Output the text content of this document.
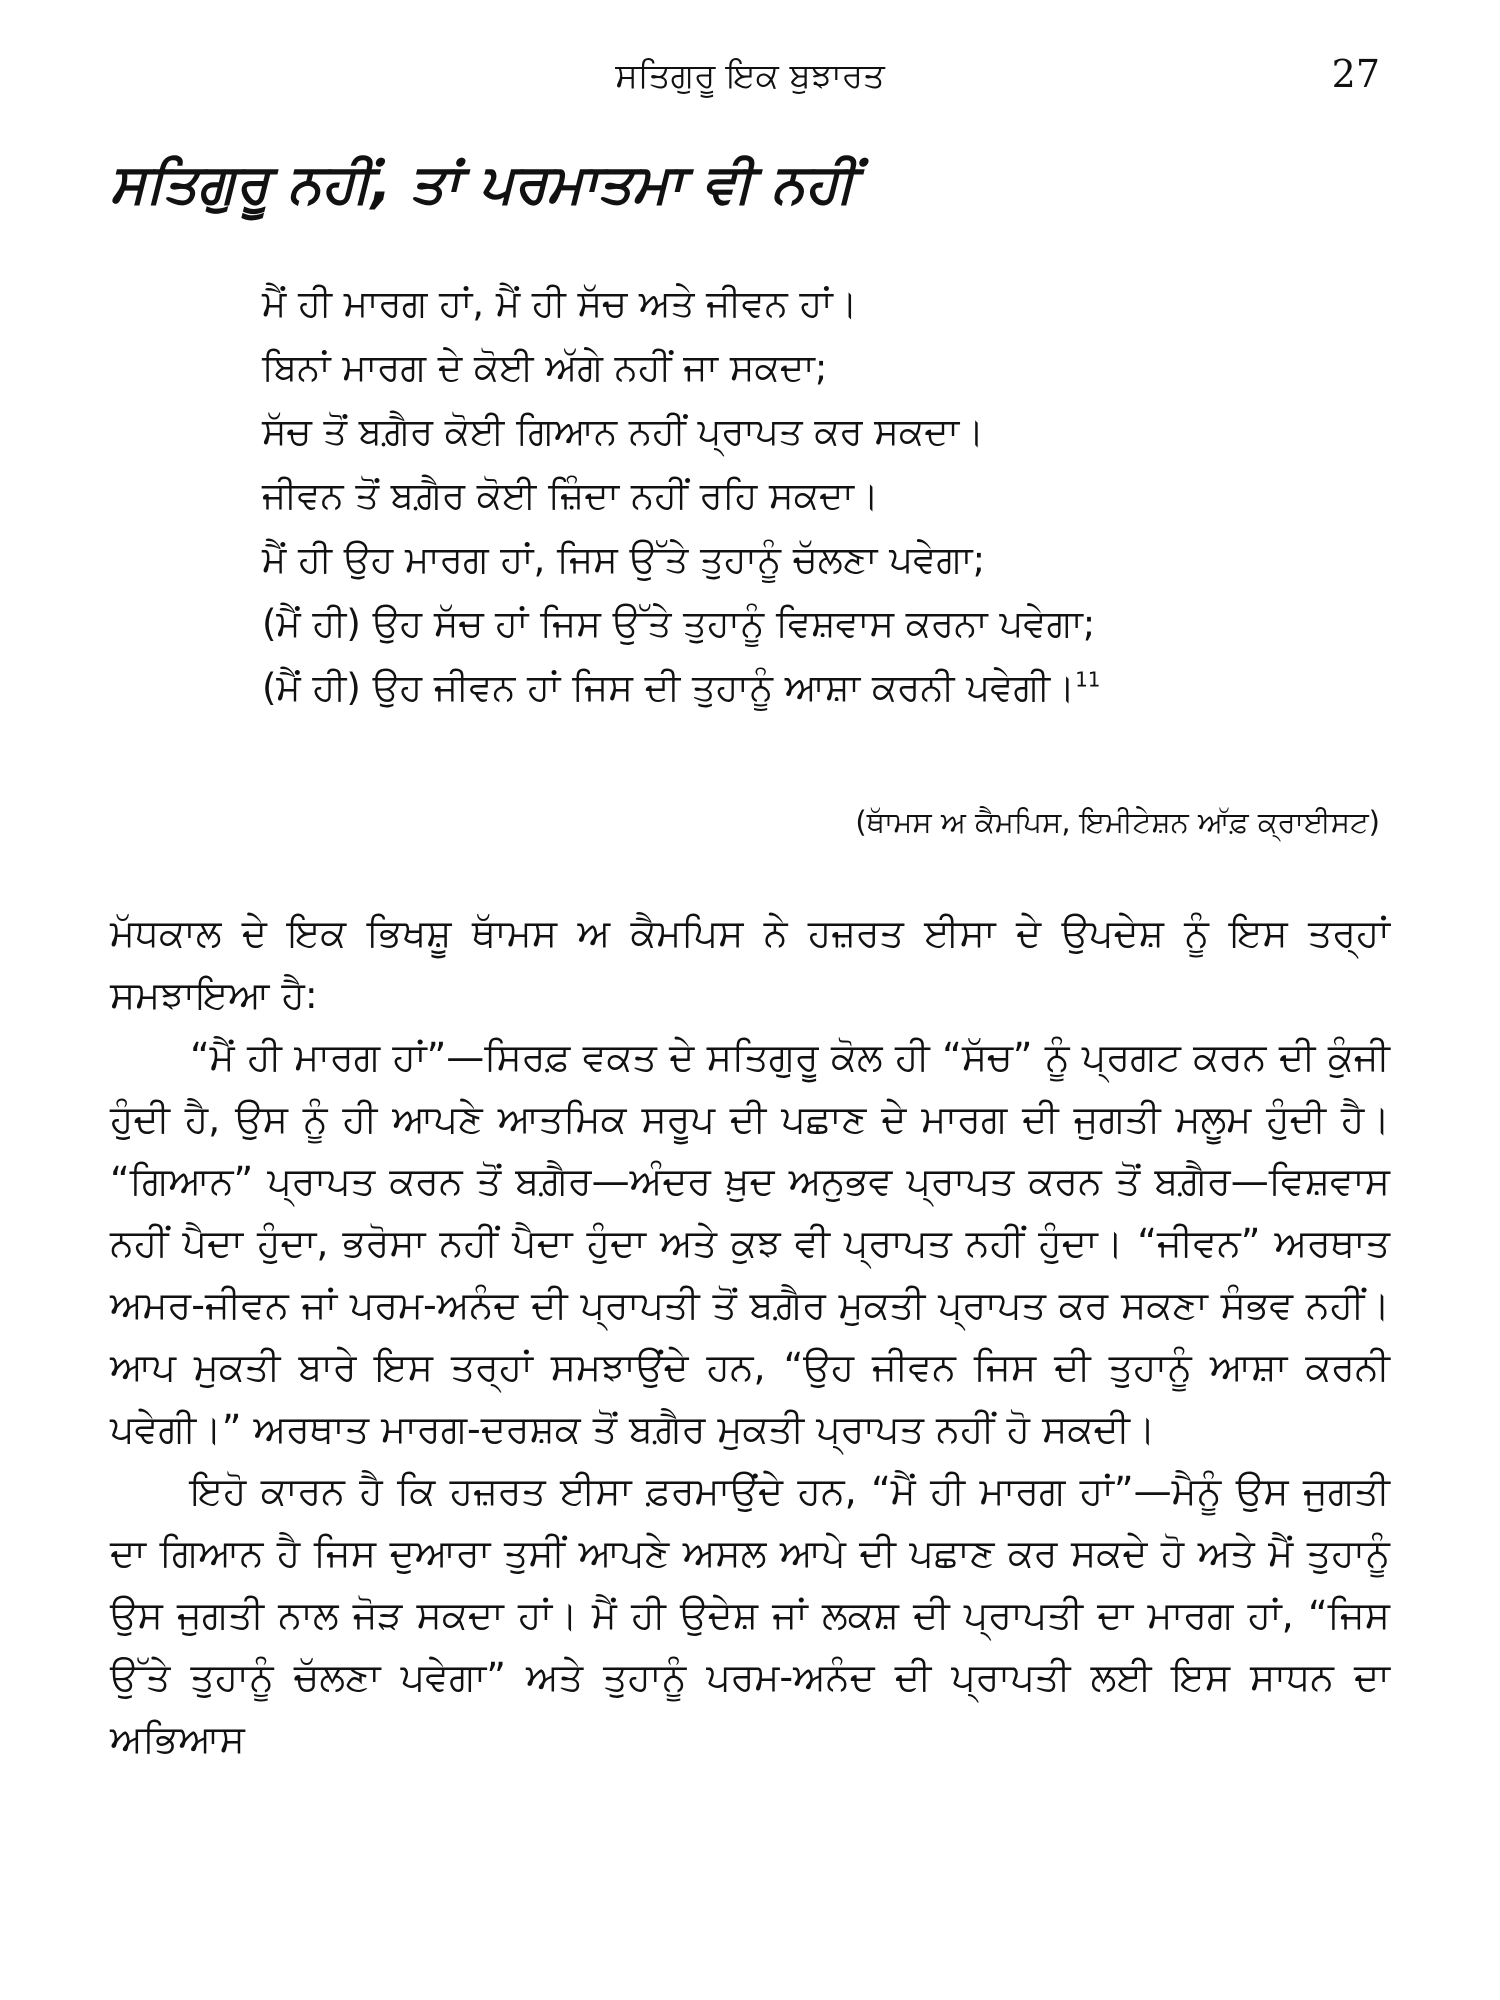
ਸਤਿਗੁਰੂ ਇਕ ਬੁਝਾਰਤ	27
ਸਤਿਗੁਰੂ ਨਹੀਂ, ਤਾਂ ਪਰਮਾਤਮਾ ਵੀ ਨਹੀਂ
ਮੈਂ ਹੀ ਮਾਰਗ ਹਾਂ, ਮੈਂ ਹੀ ਸੱਚ ਅਤੇ ਜੀਵਨ ਹਾਂ।
ਬਿਨਾਂ ਮਾਰਗ ਦੇ ਕੋਈ ਅੱਗੇ ਨਹੀਂ ਜਾ ਸਕਦਾ;
ਸੱਚ ਤੋਂ ਬਗ਼ੈਰ ਕੋਈ ਗਿਆਨ ਨਹੀਂ ਪ੍ਰਾਪਤ ਕਰ ਸਕਦਾ।
ਜੀਵਨ ਤੋਂ ਬਗ਼ੈਰ ਕੋਈ ਜ਼ਿੰਦਾ ਨਹੀਂ ਰਹਿ ਸਕਦਾ।
ਮੈਂ ਹੀ ਉਹ ਮਾਰਗ ਹਾਂ, ਜਿਸ ਉੱਤੇ ਤੁਹਾਨੂੰ ਚੱਲਣਾ ਪਵੇਗਾ;
(ਮੈਂ ਹੀ) ਉਹ ਸੱਚ ਹਾਂ ਜਿਸ ਉੱਤੇ ਤੁਹਾਨੂੰ ਵਿਸ਼ਵਾਸ ਕਰਨਾ ਪਵੇਗਾ;
(ਮੈਂ ਹੀ) ਉਹ ਜੀਵਨ ਹਾਂ ਜਿਸ ਦੀ ਤੁਹਾਨੂੰ ਆਸ਼ਾ ਕਰਨੀ ਪਵੇਗੀ।$^{11}$
(ਥਾੱਮਸ ਅ ਕੈਮਪਿਸ, ਇਮੀਟੇਸ਼ਨ ਆੱਫ਼ ਕ੍ਰਾਈਸਟ)

ਮੱਧਕਾਲ ਦੇ ਇਕ ਭਿਖਸ਼ੂ ਥਾੱਮਸ ਅ ਕੈਮਪਿਸ ਨੇ ਹਜ਼ਰਤ ਈਸਾ ਦੇ ਉਪਦੇਸ਼ ਨੂੰ ਇਸ ਤਰ੍ਹਾਂ ਸਮਝਾਇਆ ਹੈ:

“ਮੈਂ ਹੀ ਮਾਰਗ ਹਾਂ”—ਸਿਰਫ਼ ਵਕਤ ਦੇ ਸਤਿਗੁਰੂ ਕੋਲ ਹੀ “ਸੱਚ” ਨੂੰ ਪ੍ਰਗਟ ਕਰਨ ਦੀ ਕੁੰਜੀ ਹੁੰਦੀ ਹੈ, ਉਸ ਨੂੰ ਹੀ ਆਪਣੇ ਆਤਮਿਕ ਸਰੂਪ ਦੀ ਪਛਾਣ ਦੇ ਮਾਰਗ ਦੀ ਜੁਗਤੀ ਮਲੂਮ ਹੁੰਦੀ ਹੈ। “ਗਿਆਨ” ਪ੍ਰਾਪਤ ਕਰਨ ਤੋਂ ਬਗ਼ੈਰ—ਅੰਦਰ ਖ਼ੁਦ ਅਨੁਭਵ ਪ੍ਰਾਪਤ ਕਰਨ ਤੋਂ ਬਗ਼ੈਰ—ਵਿਸ਼ਵਾਸ ਨਹੀਂ ਪੈਦਾ ਹੁੰਦਾ, ਭਰੋਸਾ ਨਹੀਂ ਪੈਦਾ ਹੁੰਦਾ ਅਤੇ ਕੁਝ ਵੀ ਪ੍ਰਾਪਤ ਨਹੀਂ ਹੁੰਦਾ। “ਜੀਵਨ” ਅਰਥਾਤ ਅਮਰ-ਜੀਵਨ ਜਾਂ ਪਰਮ-ਅਨੰਦ ਦੀ ਪ੍ਰਾਪਤੀ ਤੋਂ ਬਗ਼ੈਰ ਮੁਕਤੀ ਪ੍ਰਾਪਤ ਕਰ ਸਕਣਾ ਸੰਭਵ ਨਹੀਂ। ਆਪ ਮੁਕਤੀ ਬਾਰੇ ਇਸ ਤਰ੍ਹਾਂ ਸਮਝਾਉਂਦੇ ਹਨ, “ਉਹ ਜੀਵਨ ਜਿਸ ਦੀ ਤੁਹਾਨੂੰ ਆਸ਼ਾ ਕਰਨੀ ਪਵੇਗੀ।” ਅਰਥਾਤ ਮਾਰਗ-ਦਰਸ਼ਕ ਤੋਂ ਬਗ਼ੈਰ ਮੁਕਤੀ ਪ੍ਰਾਪਤ ਨਹੀਂ ਹੋ ਸਕਦੀ।

ਇਹੋ ਕਾਰਨ ਹੈ ਕਿ ਹਜ਼ਰਤ ਈਸਾ ਫ਼ਰਮਾਉਂਦੇ ਹਨ, “ਮੈਂ ਹੀ ਮਾਰਗ ਹਾਂ”—ਮੈਨੂੰ ਉਸ ਜੁਗਤੀ ਦਾ ਗਿਆਨ ਹੈ ਜਿਸ ਦੁਆਰਾ ਤੁਸੀਂ ਆਪਣੇ ਅਸਲ ਆਪੇ ਦੀ ਪਛਾਣ ਕਰ ਸਕਦੇ ਹੋ ਅਤੇ ਮੈਂ ਤੁਹਾਨੂੰ ਉਸ ਜੁਗਤੀ ਨਾਲ ਜੋੜ ਸਕਦਾ ਹਾਂ। ਮੈਂ ਹੀ ਉਦੇਸ਼ ਜਾਂ ਲਕਸ਼ ਦੀ ਪ੍ਰਾਪਤੀ ਦਾ ਮਾਰਗ ਹਾਂ, “ਜਿਸ ਉੱਤੇ ਤੁਹਾਨੂੰ ਚੱਲਣਾ ਪਵੇਗਾ” ਅਤੇ ਤੁਹਾਨੂੰ ਪਰਮ-ਅਨੰਦ ਦੀ ਪ੍ਰਾਪਤੀ ਲਈ ਇਸ ਸਾਧਨ ਦਾ ਅਭਿਆਸ
